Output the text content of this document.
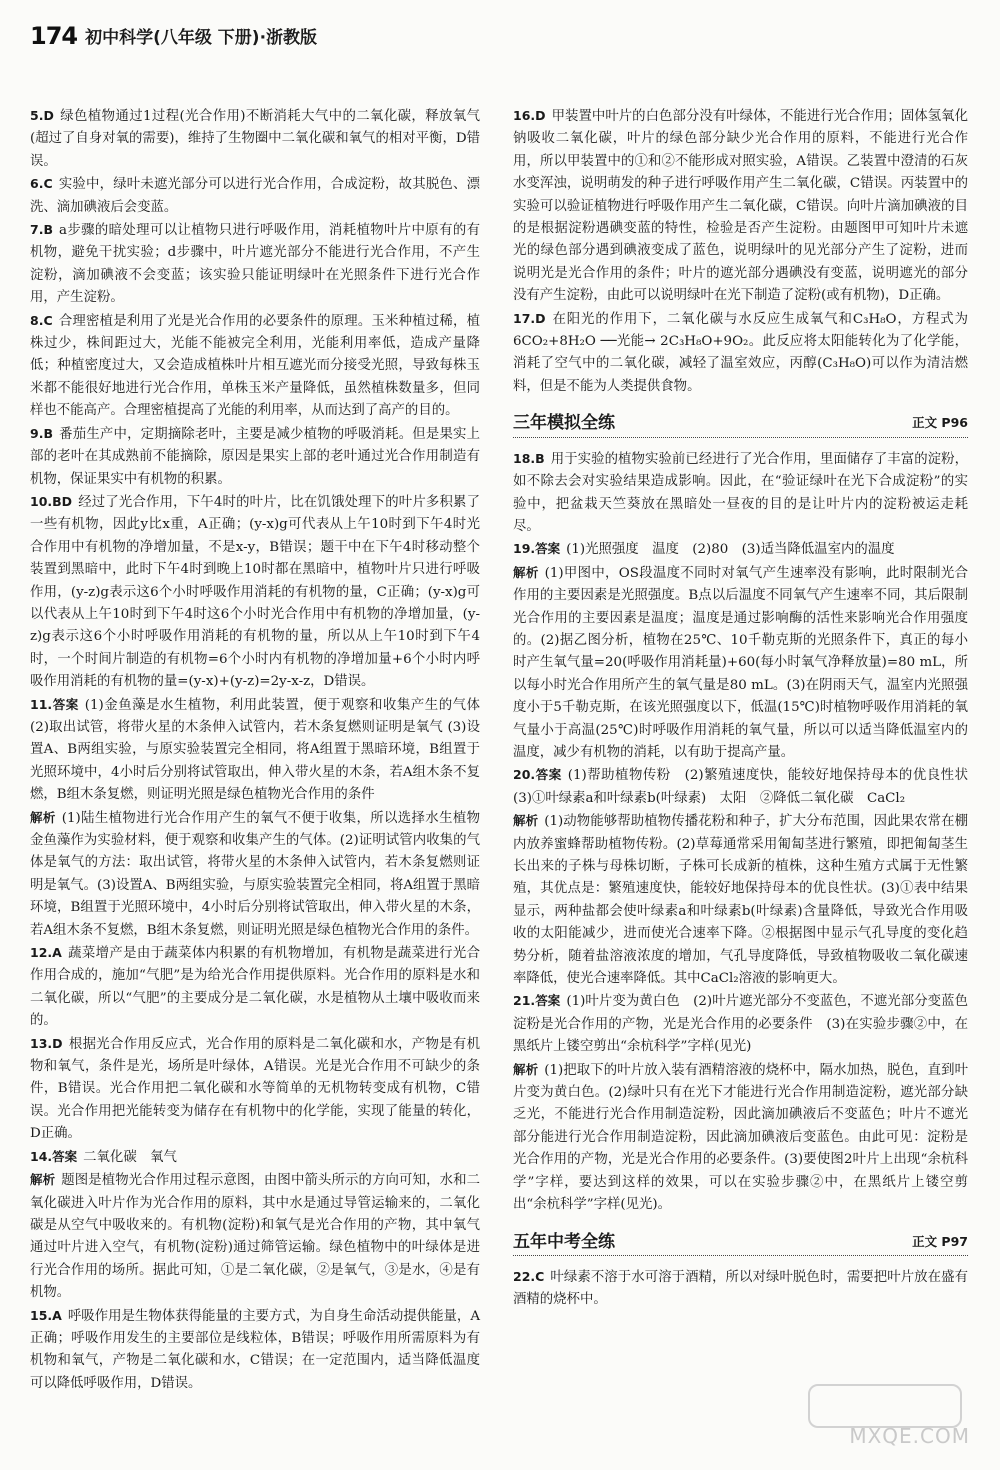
174 初中科学(八年级 下册)·浙教版

5.D 绿色植物通过1过程(光合作用)不断消耗大气中的二氧化碳，释放氧气(超过了自身对氧的需要)，维持了生物圈中二氧化碳和氧气的相对平衡，D错误。

6.C 实验中，绿叶未遮光部分可以进行光合作用，合成淀粉，故其脱色、漂洗、滴加碘液后会变蓝。

7.B a步骤的暗处理可以让植物只进行呼吸作用，消耗植物叶片中原有的有机物，避免干扰实验；d步骤中，叶片遮光部分不能进行光合作用，不产生淀粉，滴加碘液不会变蓝；该实验只能证明绿叶在光照条件下进行光合作用，产生淀粉。

8.C 合理密植是利用了光是光合作用的必要条件的原理。玉米种植过稀，植株过少，株间距过大，光能不能被完全利用，光能利用率低，造成产量降低；种植密度过大，又会造成植株叶片相互遮光而分接受光照，导致每株玉米都不能很好地进行光合作用，单株玉米产量降低，虽然植株数量多，但同样也不能高产。合理密植提高了光能的利用率，从而达到了高产的目的。

9.B 番茄生产中，定期摘除老叶，主要是减少植物的呼吸消耗。但是果实上部的老叶在其成熟前不能摘除，原因是果实上部的老叶通过光合作用制造有机物，保证果实中有机物的积累。

10.BD 经过了光合作用，下午4时的叶片，比在饥饿处理下的叶片多积累了一些有机物，因此y比x重，A正确；(y-x)g可代表从上午10时到下午4时光合作用中有机物的净增加量，不是x-y，B错误；题干中在下午4时移动整个装置到黑暗中，此时下午4时到晚上10时都在黑暗中，植物叶片只进行呼吸作用，(y-z)g表示这6个小时呼吸作用消耗的有机物的量，C正确；(y-x)g可以代表从上午10时到下午4时这6个小时光合作用中有机物的净增加量，(y-z)g表示这6个小时呼吸作用消耗的有机物的量，所以从上午10时到下午4时，一个时间片制造的有机物=6个小时内有机物的净增加量+6个小时内呼吸作用消耗的有机物的量=(y-x)+(y-z)=2y-x-z，D错误。

11.答案 (1)金鱼藻是水生植物，利用此装置，便于观察和收集产生的气体 (2)取出试管，将带火星的木条伸入试管内，若木条复燃则证明是氧气 (3)设置A、B两组实验，与原实验装置完全相同，将A组置于黑暗环境，B组置于光照环境中，4小时后分别将试管取出，伸入带火星的木条，若A组木条不复燃，B组木条复燃，则证明光照是绿色植物光合作用的条件

解析 (1)陆生植物进行光合作用产生的氧气不便于收集，所以选择水生植物金鱼藻作为实验材料，便于观察和收集产生的气体。(2)证明试管内收集的气体是氧气的方法：取出试管，将带火星的木条伸入试管内，若木条复燃则证明是氧气。(3)设置A、B两组实验，与原实验装置完全相同，将A组置于黑暗环境，B组置于光照环境中，4小时后分别将试管取出，伸入带火星的木条，若A组木条不复燃，B组木条复燃，则证明光照是绿色植物光合作用的条件。

12.A 蔬菜增产是由于蔬菜体内积累的有机物增加，有机物是蔬菜进行光合作用合成的，施加“气肥”是为给光合作用提供原料。光合作用的原料是水和二氧化碳，所以“气肥”的主要成分是二氧化碳，水是植物从土壤中吸收而来的。

13.D 根据光合作用反应式，光合作用的原料是二氧化碳和水，产物是有机物和氧气，条件是光，场所是叶绿体，A错误。光是光合作用不可缺少的条件，B错误。光合作用把二氧化碳和水等简单的无机物转变成有机物，C错误。光合作用把光能转变为储存在有机物中的化学能，实现了能量的转化，D正确。

14.答案 二氧化碳　氧气

解析 题图是植物光合作用过程示意图，由图中箭头所示的方向可知，水和二氧化碳进入叶片作为光合作用的原料，其中水是通过导管运输来的，二氧化碳是从空气中吸收来的。有机物(淀粉)和氧气是光合作用的产物，其中氧气通过叶片进入空气，有机物(淀粉)通过筛管运输。绿色植物中的叶绿体是进行光合作用的场所。据此可知，①是二氧化碳，②是氧气，③是水，④是有机物。

15.A 呼吸作用是生物体获得能量的主要方式，为自身生命活动提供能量，A正确；呼吸作用发生的主要部位是线粒体，B错误；呼吸作用所需原料为有机物和氧气，产物是二氧化碳和水，C错误；在一定范围内，适当降低温度可以降低呼吸作用，D错误。

16.D 甲装置中叶片的白色部分没有叶绿体，不能进行光合作用；固体氢氧化钠吸收二氧化碳，叶片的绿色部分缺少光合作用的原料，不能进行光合作用，所以甲装置中的①和②不能形成对照实验，A错误。乙装置中澄清的石灰水变浑浊，说明萌发的种子进行呼吸作用产生二氧化碳，C错误。丙装置中的实验可以验证植物进行呼吸作用产生二氧化碳，C错误。向叶片滴加碘液的目的是根据淀粉遇碘变蓝的特性，检验是否产生淀粉。由题图甲可知叶片未遮光的绿色部分遇到碘液变成了蓝色，说明绿叶的见光部分产生了淀粉，进而说明光是光合作用的条件；叶片的遮光部分遇碘没有变蓝，说明遮光的部分没有产生淀粉，由此可以说明绿叶在光下制造了淀粉(或有机物)，D正确。

17.D 在阳光的作用下，二氧化碳与水反应生成氧气和C₃H₈O，方程式为6CO₂+8H₂O ──光能→ 2C₃H₈O+9O₂。此反应将太阳能转化为了化学能，消耗了空气中的二氧化碳，减轻了温室效应，丙醇(C₃H₈O)可以作为清洁燃料，但是不能为人类提供食物。

三年模拟全练	正文 P96

18.B 用于实验的植物实验前已经进行了光合作用，里面储存了丰富的淀粉，如不除去会对实验结果造成影响。因此，在“验证绿叶在光下合成淀粉”的实验中，把盆栽天竺葵放在黑暗处一昼夜的目的是让叶片内的淀粉被运走耗尽。

19.答案 (1)光照强度　温度　(2)80　(3)适当降低温室内的温度

解析 (1)甲图中，OS段温度不同时对氧气产生速率没有影响，此时限制光合作用的主要因素是光照强度。B点以后温度不同氧气产生速率不同，其后限制光合作用的主要因素是温度；温度是通过影响酶的活性来影响光合作用强度的。(2)据乙图分析，植物在25℃、10千勒克斯的光照条件下，真正的每小时产生氧气量=20(呼吸作用消耗量)+60(每小时氧气净释放量)=80 mL，所以每小时光合作用所产生的氧气量是80 mL。(3)在阴雨天气，温室内光照强度小于5千勒克斯，在该光照强度以下，低温(15℃)时植物呼吸作用消耗的氧气量小于高温(25℃)时呼吸作用消耗的氧气量，所以可以适当降低温室内的温度，减少有机物的消耗，以有助于提高产量。

20.答案 (1)帮助植物传粉　(2)繁殖速度快，能较好地保持母本的优良性状　(3)①叶绿素a和叶绿素b(叶绿素)　太阳　②降低二氧化碳　CaCl₂

解析 (1)动物能够帮助植物传播花粉和种子，扩大分布范围，因此果农常在棚内放养蜜蜂帮助植物传粉。(2)草莓通常采用匍匐茎进行繁殖，即把匍匐茎生长出来的子株与母株切断，子株可长成新的植株，这种生殖方式属于无性繁殖，其优点是：繁殖速度快，能较好地保持母本的优良性状。(3)①表中结果显示，两种盐都会使叶绿素a和叶绿素b(叶绿素)含量降低，导致光合作用吸收的太阳能减少，进而使光合速率下降。②根据图中显示气孔导度的变化趋势分析，随着盐溶液浓度的增加，气孔导度降低，导致植物吸收二氧化碳速率降低，使光合速率降低。其中CaCl₂溶液的影响更大。

21.答案 (1)叶片变为黄白色　(2)叶片遮光部分不变蓝色，不遮光部分变蓝色　淀粉是光合作用的产物，光是光合作用的必要条件　(3)在实验步骤②中，在黑纸片上镂空剪出“余杭科学”字样(见光)

解析 (1)把取下的叶片放入装有酒精溶液的烧杯中，隔水加热，脱色，直到叶片变为黄白色。(2)绿叶只有在光下才能进行光合作用制造淀粉，遮光部分缺乏光，不能进行光合作用制造淀粉，因此滴加碘液后不变蓝色；叶片不遮光部分能进行光合作用制造淀粉，因此滴加碘液后变蓝色。由此可见：淀粉是光合作用的产物，光是光合作用的必要条件。(3)要使图2叶片上出现“余杭科学”字样，要达到这样的效果，可以在实验步骤②中，在黑纸片上镂空剪出“余杭科学”字样(见光)。

五年中考全练	正文 P97

22.C 叶绿素不溶于水可溶于酒精，所以对绿叶脱色时，需要把叶片放在盛有酒精的烧杯中。

MXQE.COM
